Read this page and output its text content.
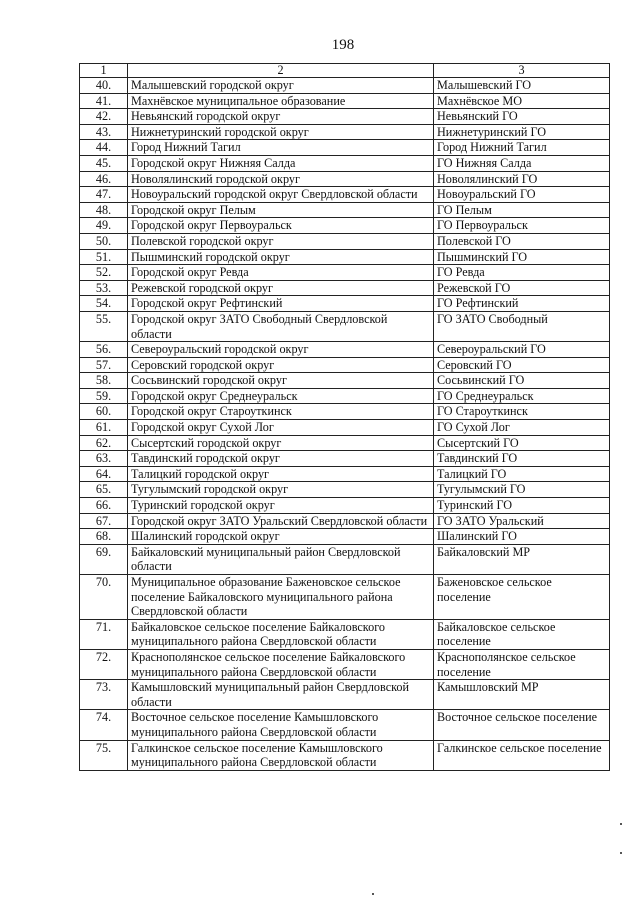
198
1	2	3
40.	Малышевский городской округ	Малышевский ГО
41.	Махнёвское муниципальное образование	Махнёвское МО
42.	Невьянский городской округ	Невьянский ГО
43.	Нижнетуринский городской округ	Нижнетуринский ГО
44.	Город Нижний Тагил	Город Нижний Тагил
45.	Городской округ Нижняя Салда	ГО Нижняя Салда
46.	Новолялинский городской округ	Новолялинский ГО
47.	Новоуральский городской округ Свердловской области	Новоуральский ГО
48.	Городской округ Пелым	ГО Пелым
49.	Городской округ Первоуральск	ГО Первоуральск
50.	Полевской городской округ	Полевской ГО
51.	Пышминский городской округ	Пышминский ГО
52.	Городской округ Ревда	ГО Ревда
53.	Режевской городской округ	Режевской ГО
54.	Городской округ Рефтинский	ГО Рефтинский
55.	Городской округ ЗАТО Свободный Свердловской области	ГО ЗАТО Свободный
56.	Североуральский городской округ	Североуральский ГО
57.	Серовский городской округ	Серовский ГО
58.	Сосьвинский городской округ	Сосьвинский ГО
59.	Городской округ Среднеуральск	ГО Среднеуральск
60.	Городской округ Староуткинск	ГО Староуткинск
61.	Городской округ Сухой Лог	ГО Сухой Лог
62.	Сысертский городской округ	Сысертский ГО
63.	Тавдинский городской округ	Тавдинский ГО
64.	Талицкий городской округ	Талицкий ГО
65.	Тугулымский городской округ	Тугулымский ГО
66.	Туринский городской округ	Туринский ГО
67.	Городской округ ЗАТО Уральский Свердловской области	ГО ЗАТО Уральский
68.	Шалинский городской округ	Шалинский ГО
69.	Байкаловский муниципальный район Свердловской области	Байкаловский МР
70.	Муниципальное образование Баженовское сельское поселение Байкаловского муниципального района Свердловской области	Баженовское сельское поселение
71.	Байкаловское сельское поселение Байкаловского муниципального района Свердловской области	Байкаловское сельское поселение
72.	Краснополянское сельское поселение Байкаловского муниципального района Свердловской области	Краснополянское сельское поселение
73.	Камышловский муниципальный район Свердловской области	Камышловский МР
74.	Восточное сельское поселение Камышловского муниципального района Свердловской области	Восточное сельское поселение
75.	Галкинское сельское поселение Камышловского муниципального района Свердловской области	Галкинское сельское поселение
